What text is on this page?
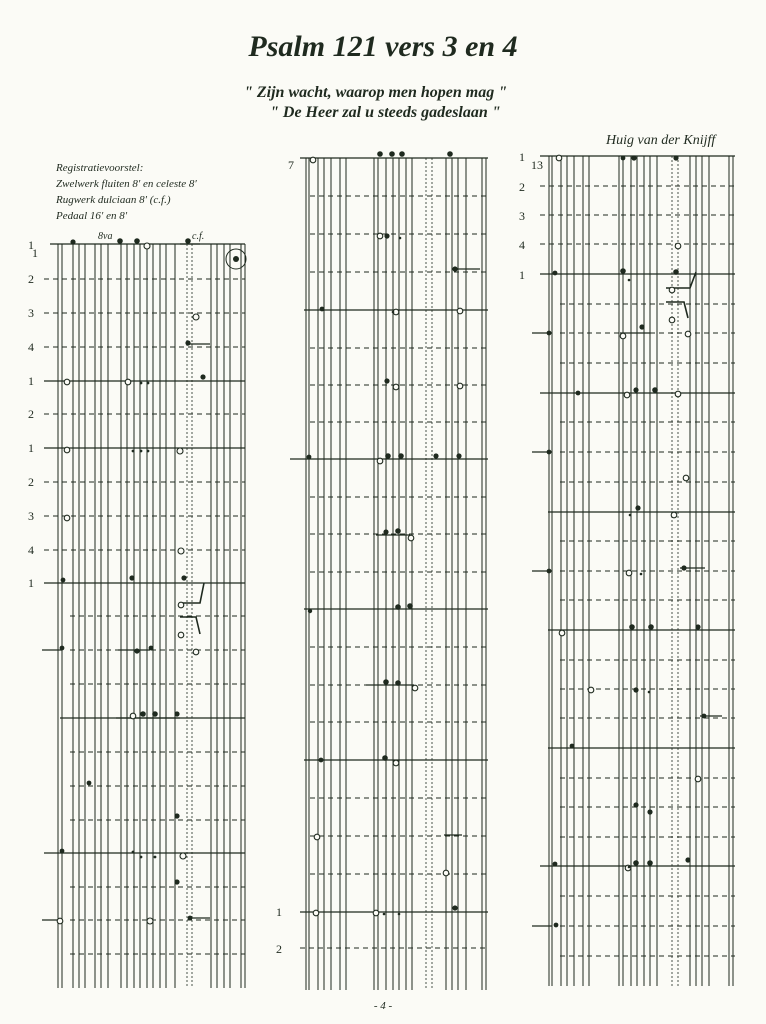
Psalm 121 vers 3 en 4
" Zijn wacht, waarop men hopen mag "
" De Heer zal u steeds gadeslaan "
Huig van der Knijff
Registratievoorstel:
Zwelwerk fluiten 8′ en celeste 8′
Rugwerk dulciaan 8′ (c.f.)
Pedaal 16′ en 8′
8va	c.f.
1
7	13
1
2
3
4
1
2
1
2
3
4
1
1
2
1
2
3
4
1
- 4 -
